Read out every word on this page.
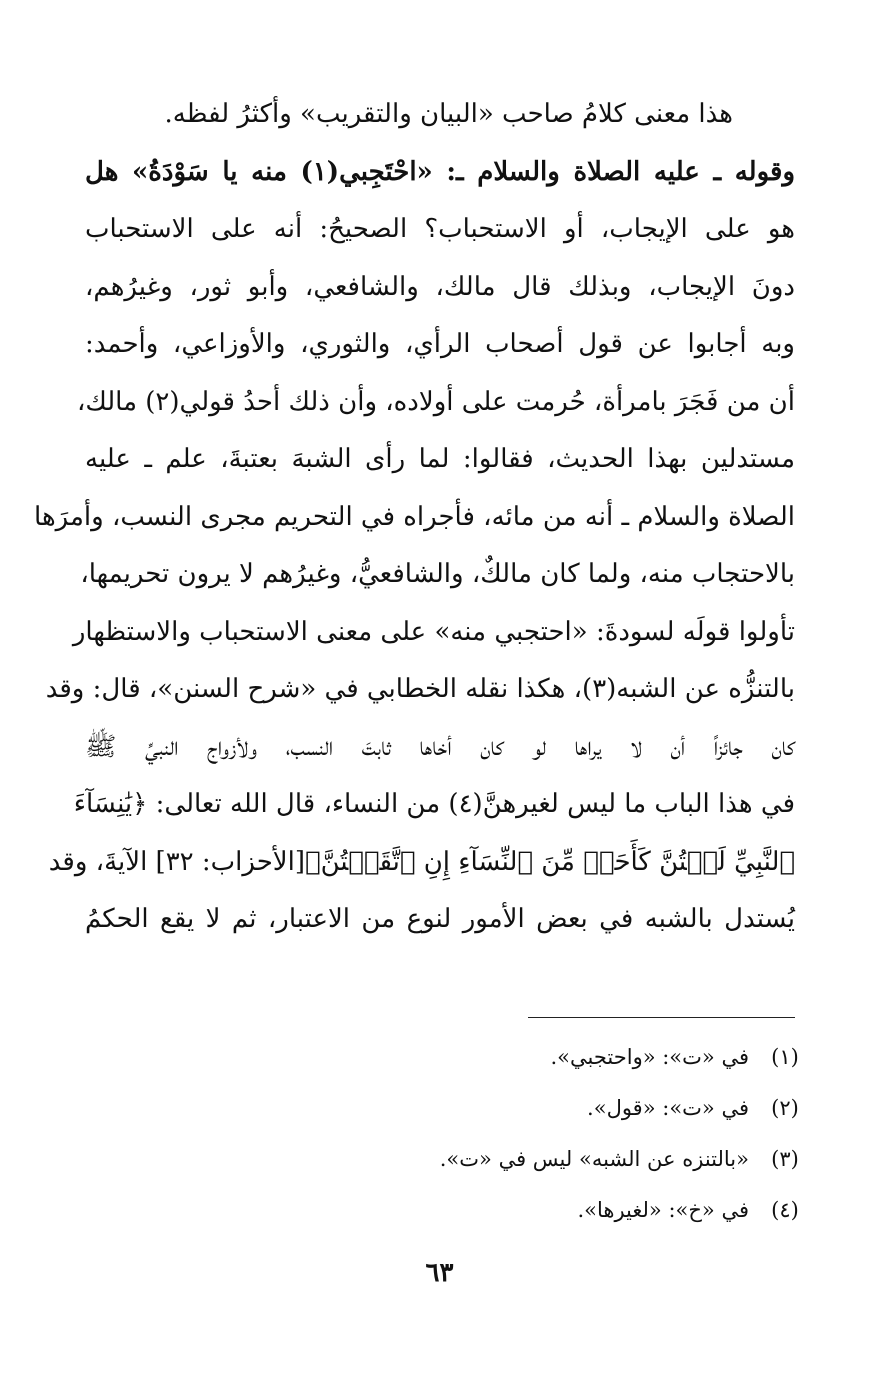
هذا معنى كلامُ صاحب «البيان والتقريب» وأكثرُ لفظه.
وقوله ـ عليه الصلاة والسلام ـ: «احْتَجِبي(١) منه يا سَوْدَةُ» هل
هو على الإيجاب، أو الاستحباب؟ الصحيحُ: أنه على الاستحباب
دونَ الإيجاب، وبذلك قال مالك، والشافعي، وأبو ثور، وغيرُهم،
وبه أجابوا عن قول أصحاب الرأي، والثوري، والأوزاعي، وأحمد:
أن من فَجَرَ بامرأة، حُرمت على أولاده، وأن ذلك أحدُ قولي(٢) مالك،
مستدلين بهذا الحديث، فقالوا: لما رأى الشبهَ بعتبةَ، علم ـ عليه
الصلاة والسلام ـ أنه من مائه، فأجراه في التحريم مجرى النسب، وأمرَها
بالاحتجاب منه، ولما كان مالكٌ، والشافعيُّ، وغيرُهم لا يرون تحريمها،
تأولوا قولَه لسودةَ: «احتجبي منه» على معنى الاستحباب والاستظهار
بالتنزُّه عن الشبه(٣)، هكذا نقله الخطابي في «شرح السنن»، قال: وقد
كان جائزاً أن لا يراها لو كان أخاها ثابتَ النسب، ولأزواج النبيِّ ﷺ
في هذا الباب ما ليس لغيرهنَّ(٤) من النساء، قال الله تعالى: ﴿يَٰنِسَآءَ
ٱلنَّبِيِّ لَسۡتُنَّ كَأَحَدٖ مِّنَ ٱلنِّسَآءِ إِنِ ٱتَّقَيۡتُنَّ﴾[الأحزاب: ٣٢] الآيةَ، وقد
يُستدل بالشبه في بعض الأمور لنوع من الاعتبار، ثم لا يقع الحكمُ
(١)في «ت»: «واحتجبي».
(٢)في «ت»: «قول».
(٣)«بالتنزه عن الشبه» ليس في «ت».
(٤)في «خ»: «لغيرها».
٦٣
